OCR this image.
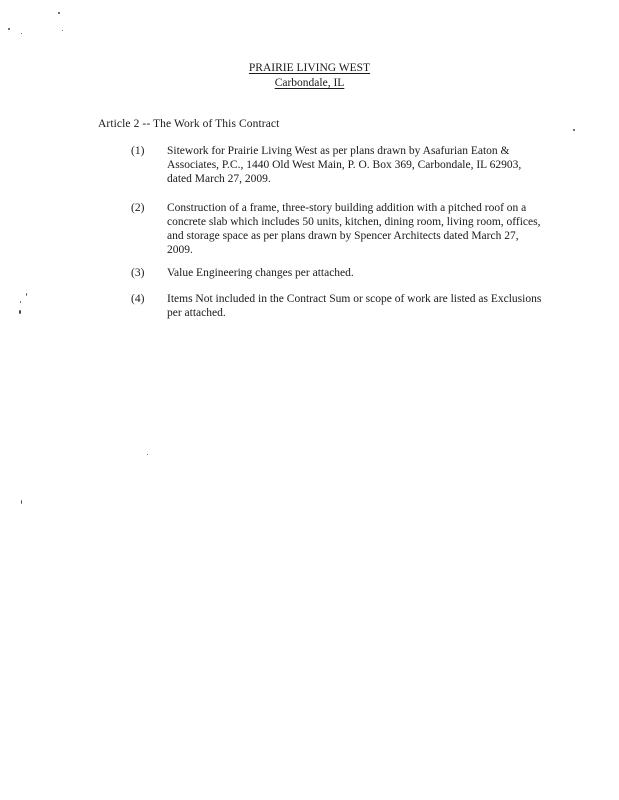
PRAIRIE LIVING WEST
Carbondale, IL
Article 2 -- The Work of This Contract
(1)	Sitework for Prairie Living West as per plans drawn by Asafurian Eaton & Associates, P.C., 1440 Old West Main, P. O. Box 369, Carbondale, IL 62903, dated March 27, 2009.
(2)	Construction of a frame, three-story building addition with a pitched roof on a concrete slab which includes 50 units, kitchen, dining room, living room, offices, and storage space as per plans drawn by Spencer Architects dated March 27, 2009.
(3)	Value Engineering changes per attached.
(4)	Items Not included in the Contract Sum or scope of work are listed as Exclusions per attached.
